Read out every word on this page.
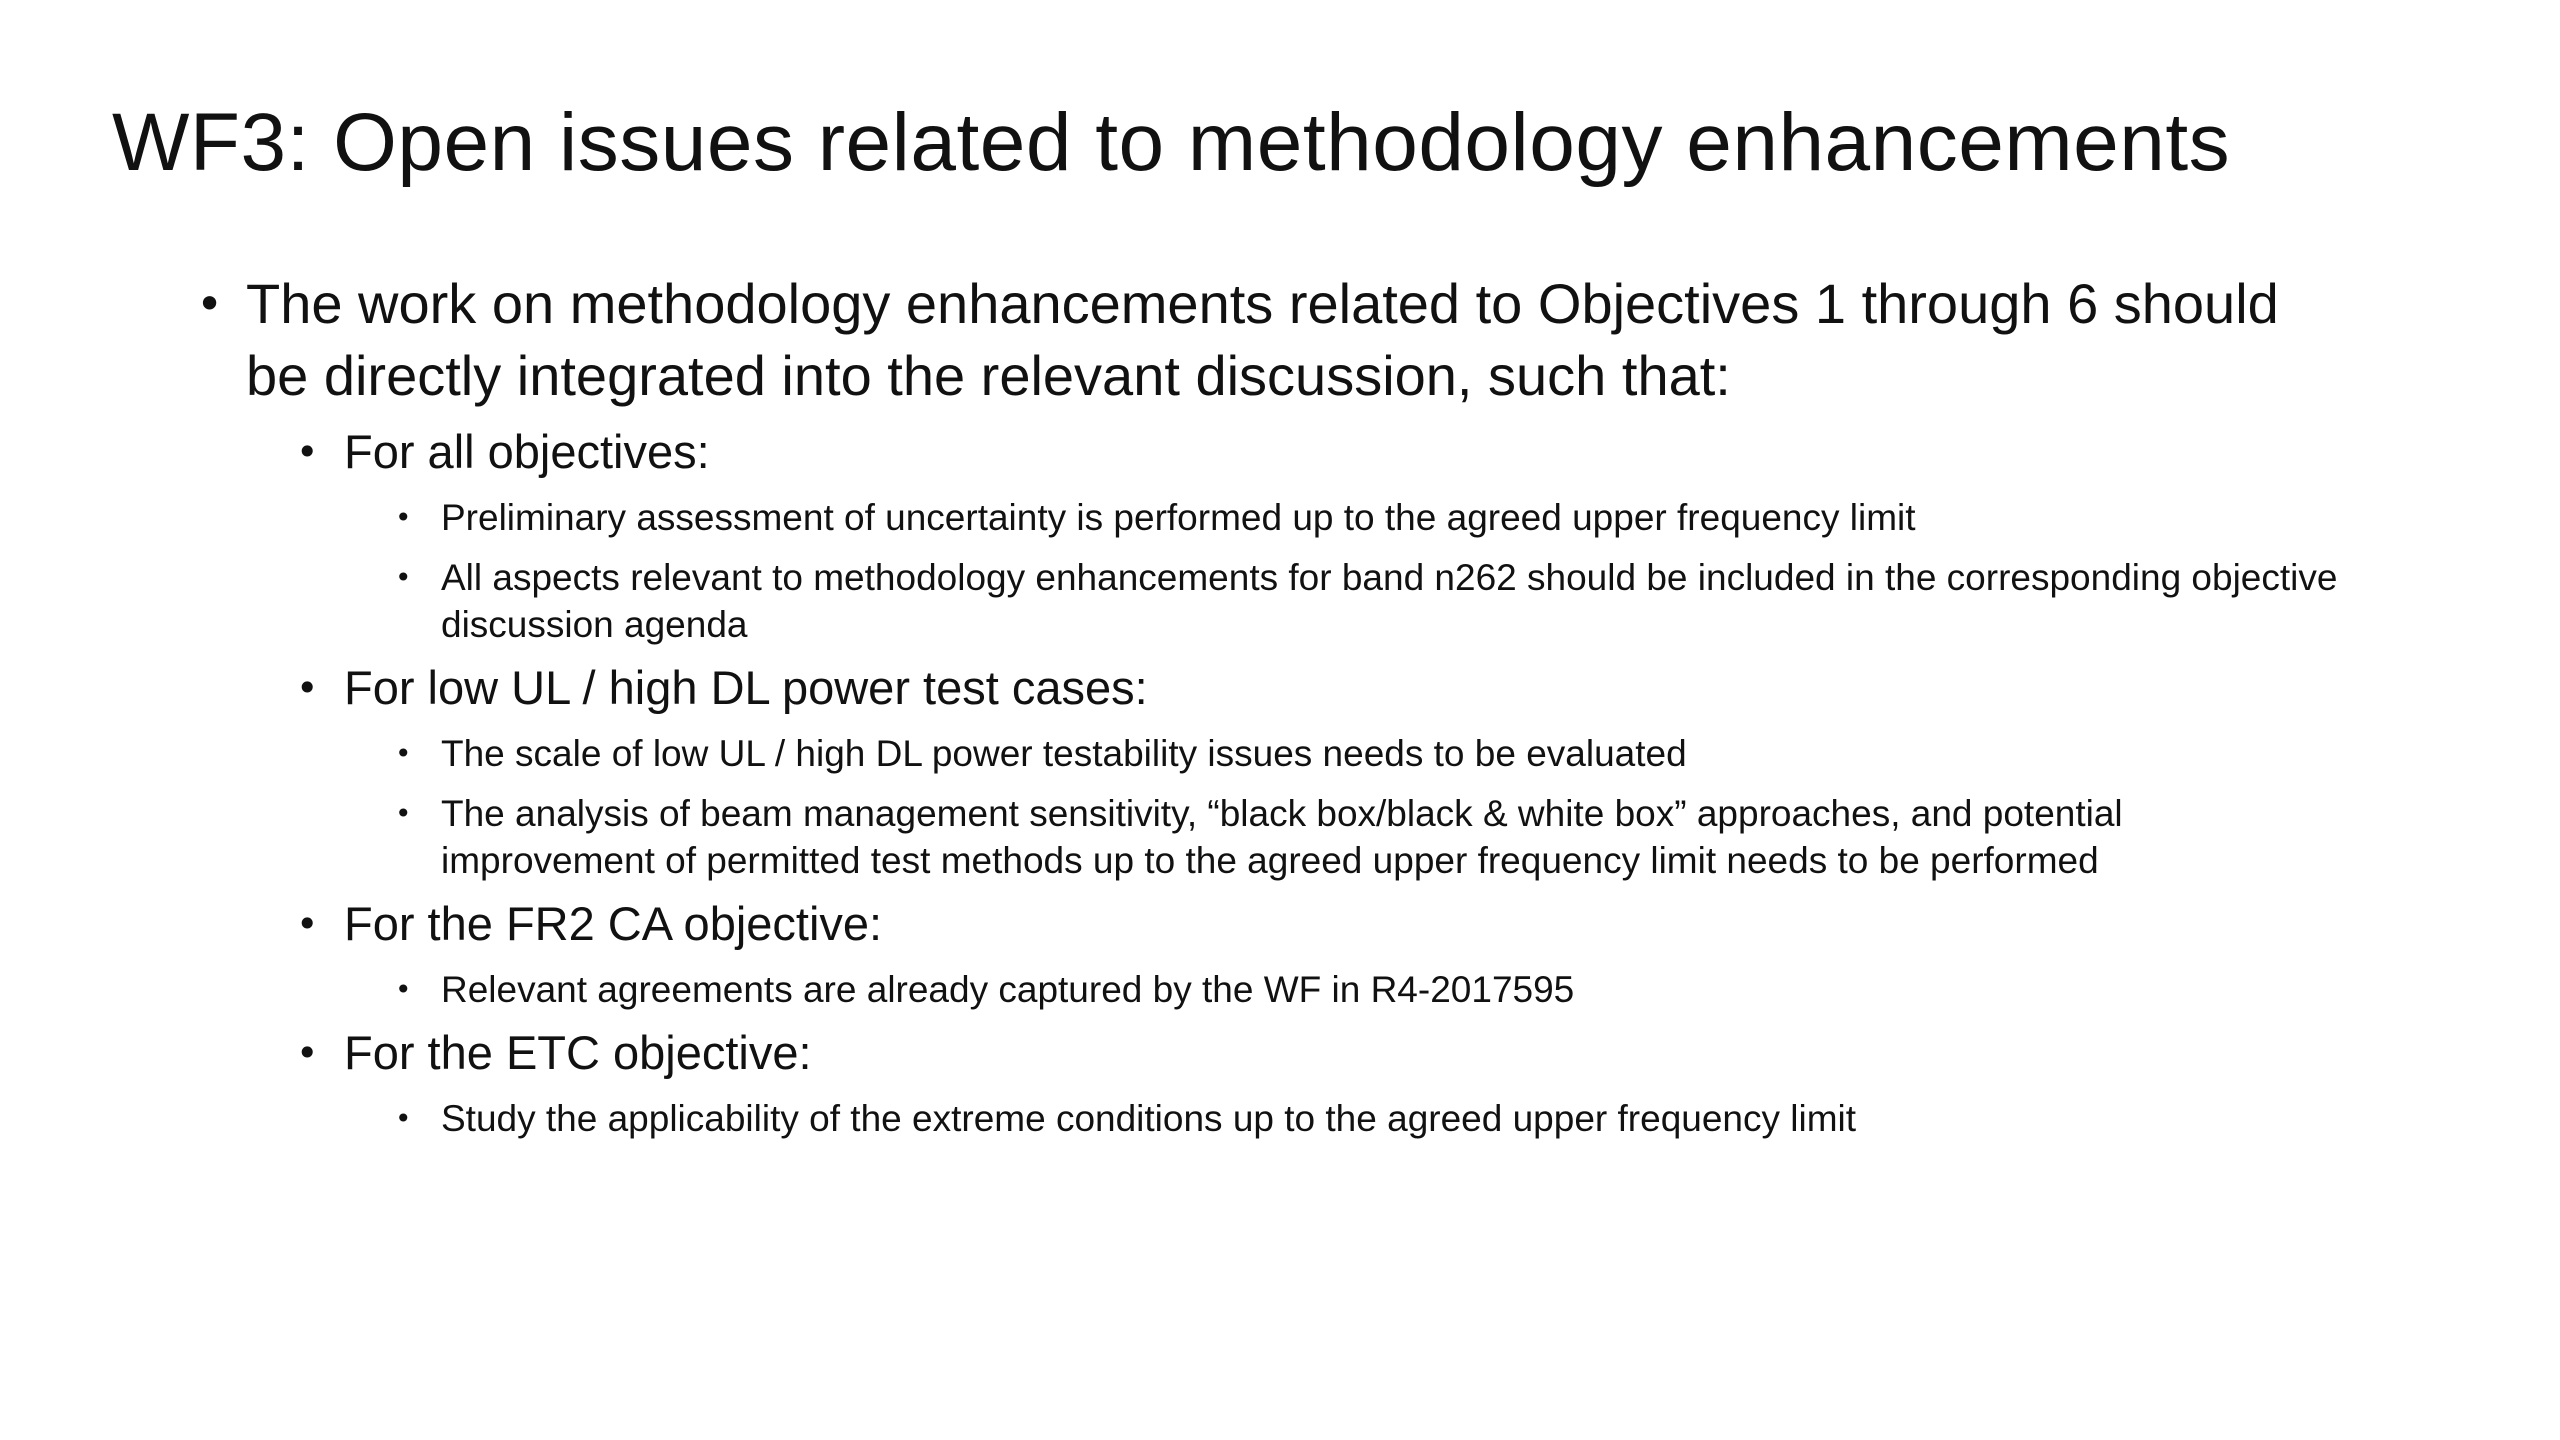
WF3: Open issues related to methodology enhancements
• The work on methodology enhancements related to Objectives 1 through 6 should be directly integrated into the relevant discussion, such that:
• For all objectives:
• Preliminary assessment of uncertainty is performed up to the agreed upper frequency limit
• All aspects relevant to methodology enhancements for band n262 should be included in the corresponding objective discussion agenda
• For low UL / high DL power test cases:
• The scale of low UL / high DL power testability issues needs to be evaluated
• The analysis of beam management sensitivity, “black box/black & white box” approaches, and potential improvement of permitted test methods up to the agreed upper frequency limit needs to be performed
• For the FR2 CA objective:
• Relevant agreements are already captured by the WF in R4-2017595
• For the ETC objective:
• Study the applicability of the extreme conditions up to the agreed upper frequency limit
